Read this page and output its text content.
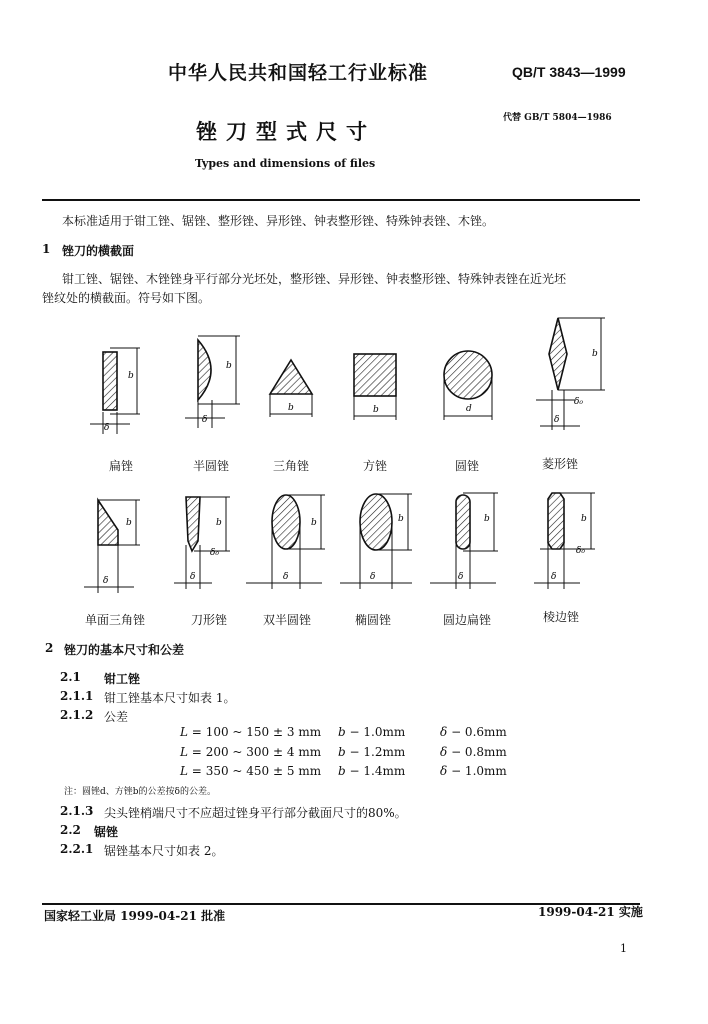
中华人民共和国轻工行业标准	QB/T 3843—1999
代替 GB/T 5804—1986
锉刀型式尺寸
Types and dimensions of files
本标准适用于钳工锉、锯锉、整形锉、异形锉、钟表整形锉、特殊钟表锉、木锉。
1 锉刀的横截面
钳工锉、锯锉、木锉锉身平行部分光坯处，整形锉、异形锉、钟表整形锉、特殊钟表锉在近光坯
锉纹处的横截面。符号如下图。
b
δ
b
δ
b	b	d
b
δ₀
δ
扁锉	半圆锉	三角锉	方锉	圆锉	菱形锉
b
δ
b
δ₀
δ
b
δ
b
δ
b
δ
b
δ₀
δ
单面三角锉	刀形锉	双半圆锉	椭圆锉	圆边扁锉	棱边锉
2 锉刀的基本尺寸和公差
2.1 钳工锉
2.1.1 钳工锉基本尺寸如表 1。
2.1.2 公差
L = 100 ~ 150 ± 3 mm b − 1.0mm	δ − 0.6mm
L = 200 ~ 300 ± 4 mm b − 1.2mm	δ − 0.8mm
L = 350 ~ 450 ± 5 mm b − 1.4mm	δ − 1.0mm
注：圆锉d、方锉b的公差按δ的公差。
2.1.3 尖头锉梢端尺寸不应超过锉身平行部分截面尺寸的80%。
2.2 锯锉
2.2.1 锯锉基本尺寸如表 2。
国家轻工业局 1999-04-21 批准	1999-04-21 实施
1
